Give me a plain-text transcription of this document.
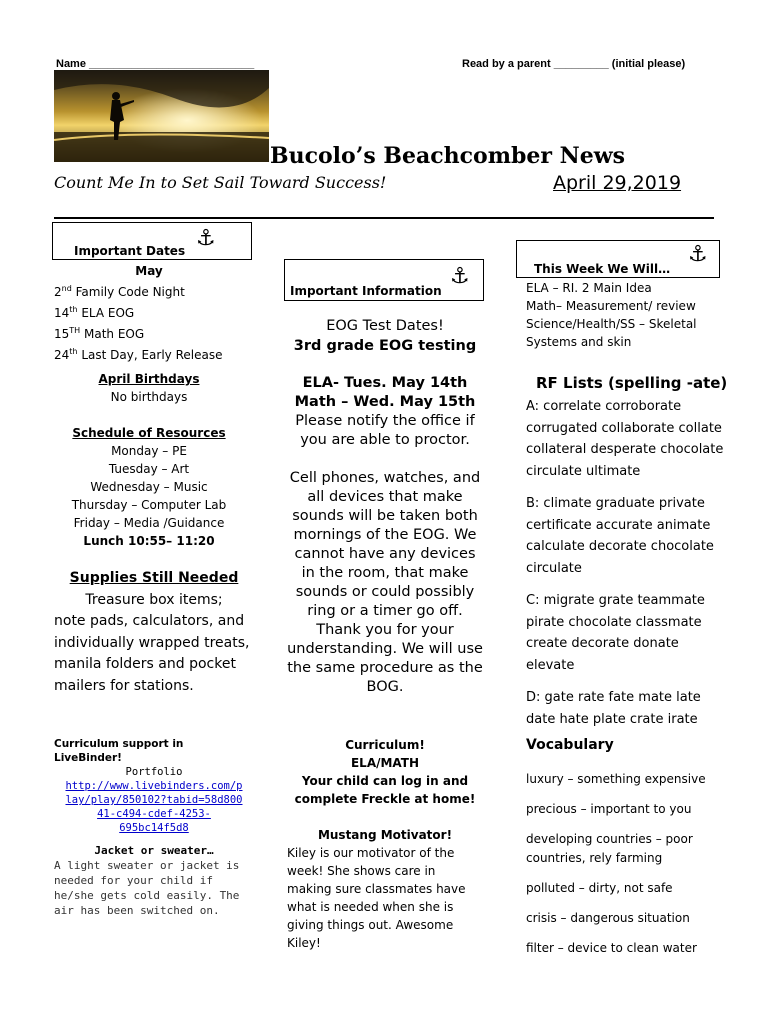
Name ___________________________	Read by a parent _________ (initial please)
Bucolo’s Beachcomber News
Count Me In to Set Sail Toward Success!	April 29,2019
Important Dates ⚓
May
2nd Family Code Night
14th ELA EOG
15TH Math EOG
24th Last Day, Early Release
April Birthdays
No birthdays
Schedule of Resources
Monday – PE
Tuesday – Art
Wednesday – Music
Thursday – Computer Lab
Friday – Media /Guidance
Lunch 10:55– 11:20
Supplies Still Needed
Treasure box items;
note pads, calculators, and individually wrapped treats, manila folders and pocket mailers for stations.
Curriculum support in LiveBinder!
Portfolio
http://www.livebinders.com/p
lay/play/850102?tabid=58d800
41-c494-cdef-4253-
695bc14f5d8
Jacket or sweater…
A light sweater or jacket is needed for your child if he/she gets cold easily. The air has been switched on.
Important Information
⚓
EOG Test Dates!
3rd grade EOG testing
ELA- Tues. May 14th
Math – Wed. May 15th
Please notify the office if you are able to proctor.
Cell phones, watches, and all devices that make sounds will be taken both mornings of the EOG. We cannot have any devices in the room, that make sounds or could possibly ring or a timer go off. Thank you for your understanding. We will use the same procedure as the BOG.
Curriculum!
ELA/MATH
Your child can log in and complete Freckle at home!
Mustang Motivator!
Kiley is our motivator of the week! She shows care in making sure classmates have what is needed when she is giving things out. Awesome Kiley!
This Week We Will…
⚓
ELA – RI. 2 Main Idea
Math– Measurement/ review
Science/Health/SS – Skeletal Systems and skin
RF Lists (spelling -ate)
A: correlate corroborate corrugated collaborate collate collateral desperate chocolate circulate ultimate
B: climate graduate private certificate accurate animate calculate decorate chocolate circulate
C: migrate grate teammate pirate chocolate classmate create decorate donate elevate
D: gate rate fate mate late date hate plate crate irate
Vocabulary
luxury – something expensive
precious – important to you
developing countries – poor countries, rely farming
polluted – dirty, not safe
crisis – dangerous situation
filter – device to clean water
